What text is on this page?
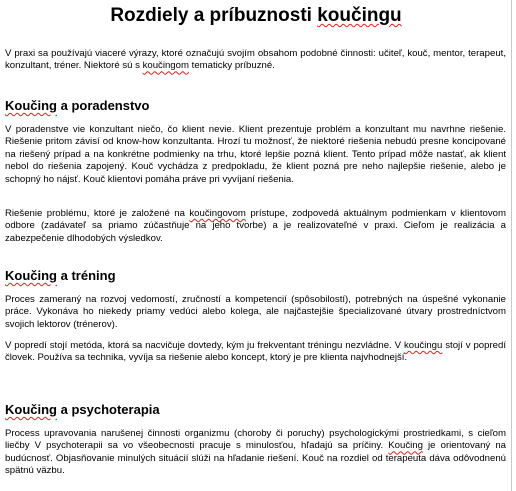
Rozdiely a príbuznosti koučingu

V praxi sa používajú viaceré výrazy, ktoré označujú svojím obsahom podobné činnosti: učiteľ, kouč, mentor, terapeut, konzultant, tréner. Niektoré sú s koučingom tematicky príbuzné.

Koučing a poradenstvo

V poradenstve vie konzultant niečo, čo klient nevie. Klient prezentuje problém a konzultant mu navrhne riešenie. Riešenie pritom závisí od know-how konzultanta. Hrozí tu možnosť, že niektoré riešenia nebudú presne koncipované na riešený prípad a na konkrétne podmienky na trhu, ktoré lepšie pozná klient. Tento prípad môže nastať, ak klient nebol do riešenia zapojený. Kouč vychádza z predpokladu, že klient pozná pre neho najlepšie riešenie, alebo je schopný ho nájsť. Kouč klientovi pomáha práve pri vyvíjaní riešenia.

Riešenie problému, ktoré je založené na koučingovom prístupe, zodpovedá aktuálnym podmienkam v klientovom odbore (zadávateľ sa priamo zúčastňuje na jeho tvorbe) a je realizovateľné v praxi. Cieľom je realizácia a zabezpečenie dlhodobých výsledkov.

Koučing a tréning

Proces zameraný na rozvoj vedomostí, zručností a kompetencií (spôsobilostí), potrebných na úspešné vykonanie práce. Vykonáva ho niekedy priamy vedúci alebo kolega, ale najčastejšie špecializované útvary prostredníctvom svojich lektorov (trénerov).

V popredí stojí metóda, ktorá sa nacvičuje dovtedy, kým ju frekventant tréningu nezvládne. V koučingu stojí v popredí človek. Používa sa technika, vyvíja sa riešenie alebo koncept, ktorý je pre klienta najvhodnejší.

Koučing a psychoterapia

Process upravovania narušenej činnosti organizmu (choroby či poruchy) psychologickými prostriedkami, s cieľom liečby V psychoterapii sa vo všeobecnosti pracuje s minulosťou, hľadajú sa príčiny. Koučing je orientovaný na budúcnosť. Objasňovanie minulých situácií slúži na hľadanie riešení. Kouč na rozdiel od terapeuta dáva odôvodnenú spätnú väzbu.
